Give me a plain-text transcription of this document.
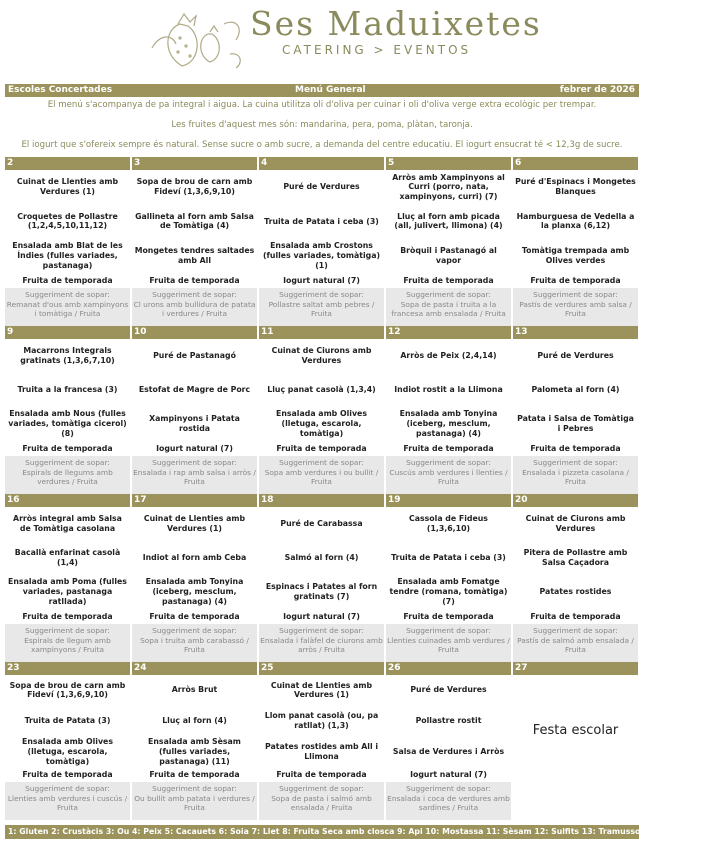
Ses Maduixetes
CATERING > EVENTOS
Escoles Concertades	Menú General	febrer de 2026
El menú s'acompanya de pa integral i aigua. La cuina utilitza oli d'oliva per cuinar i oli d'oliva verge extra ecològic per trempar.
Les fruites d'aquest mes són: mandarina, pera, poma, plàtan, taronja.
El iogurt que s'ofereix sempre és natural. Sense sucre o amb sucre, a demanda del centre educatiu. El iogurt ensucrat té < 12,3g de sucre.
2
Cuinat de Llenties amb Verdures (1)
Croquetes de Pollastre (1,2,4,5,10,11,12)
Ensalada amb Blat de les Índies (fulles variades, pastanaga)
Fruita de temporada
Suggeriment de sopar:
Remanat d'ous amb xampinyons i tomàtiga / Fruita
3
Sopa de brou de carn amb Fideví (1,3,6,9,10)
Gallineta al forn amb Salsa de Tomàtiga (4)
Mongetes tendres saltades amb All
Fruita de temporada
Suggeriment de sopar:
Cl urons amb bullidura de patata i verdures / Fruita
4
Puré de Verdures
Truita de Patata i ceba (3)
Ensalada amb Crostons (fulles variades, tomàtiga) (1)
Iogurt natural (7)
Suggeriment de sopar:
Pollastre saltat amb pebres / Fruita
5
Arròs amb Xampinyons al Curri (porro, nata, xampinyons, curri) (7)
Lluç al forn amb picada (all, julivert, llimona) (4)
Bròquil i Pastanagó al vapor
Fruita de temporada
Suggeriment de sopar:
Sopa de pasta i truita a la francesa amb ensalada / Fruita
6
Puré d'Espinacs i Mongetes Blanques
Hamburguesa de Vedella a la planxa (6,12)
Tomàtiga trempada amb Olives verdes
Fruita de temporada
Suggeriment de sopar:
Pastís de verdures amb salsa / Fruita
9
Macarrons Integrals gratinats (1,3,6,7,10)
Truita a la francesa (3)
Ensalada amb Nous (fulles variades, tomàtiga cicerol) (8)
Fruita de temporada
Suggeriment de sopar:
Espirals de llegums amb verdures / Fruita
10
Puré de Pastanagó
Estofat de Magre de Porc
Xampinyons i Patata rostida
Iogurt natural (7)
Suggeriment de sopar:
Ensalada i rap amb salsa i arròs / Fruita
11
Cuinat de Ciurons amb Verdures
Lluç panat casolà (1,3,4)
Ensalada amb Olives (lletuga, escarola, tomàtiga)
Fruita de temporada
Suggeriment de sopar:
Sopa amb verdures i ou bullit / Fruita
12
Arròs de Peix (2,4,14)
Indiot rostit a la Llimona
Ensalada amb Tonyina (iceberg, mesclum, pastanaga) (4)
Fruita de temporada
Suggeriment de sopar:
Cuscús amb verdures i llenties / Fruita
13
Puré de Verdures
Palometa al forn (4)
Patata i Salsa de Tomàtiga i Pebres
Fruita de temporada
Suggeriment de sopar:
Ensalada i pizzeta casolana / Fruita
16
Arròs integral amb Salsa de Tomàtiga casolana
Bacallà enfarinat casolà (1,4)
Ensalada amb Poma (fulles variades, pastanaga ratllada)
Fruita de temporada
Suggeriment de sopar:
Espirals de llegum amb xampinyons / Fruita
17
Cuinat de Llenties amb Verdures (1)
Indiot al forn amb Ceba
Ensalada amb Tonyina (iceberg, mesclum, pastanaga) (4)
Fruita de temporada
Suggeriment de sopar:
Sopa i truita amb carabassó / Fruita
18
Puré de Carabassa
Salmó al forn (4)
Espinacs i Patates al forn gratinats (7)
Iogurt natural (7)
Suggeriment de sopar:
Ensalada i falàfel de ciurons amb arròs / Fruita
19
Cassola de Fideus (1,3,6,10)
Truita de Patata i ceba (3)
Ensalada amb Fomatge tendre (romana, tomàtiga) (7)
Fruita de temporada
Suggeriment de sopar:
Llenties cuinades amb verdures / Fruita
20
Cuinat de Ciurons amb Verdures
Pitera de Pollastre amb Salsa Caçadora
Patates rostides
Fruita de temporada
Suggeriment de sopar:
Pastís de salmó amb ensalada / Fruita
23
Sopa de brou de carn amb Fideví (1,3,6,9,10)
Truita de Patata (3)
Ensalada amb Olives (lletuga, escarola, tomàtiga)
Fruita de temporada
Suggeriment de sopar:
Llenties amb verdures i cuscús / Fruita
24
Arròs Brut
Lluç al forn (4)
Ensalada amb Sèsam (fulles variades, pastanaga) (11)
Fruita de temporada
Suggeriment de sopar:
Ou bullit amb patata i verdures / Fruita
25
Cuinat de Llenties amb Verdures (1)
Llom panat casolà (ou, pa ratllat) (1,3)
Patates rostides amb All i Llimona
Fruita de temporada
Suggeriment de sopar:
Sopa de pasta i salmó amb ensalada / Fruita
26
Puré de Verdures
Pollastre rostit
Salsa de Verdures i Arròs
Iogurt natural (7)
Suggeriment de sopar:
Ensalada i coca de verdures amb sardines / Fruita
27
Festa escolar
1: Gluten 2: Crustàcis 3: Ou 4: Peix 5: Cacauets 6: Soia 7: Llet 8: Fruita Seca amb closca 9: Api 10: Mostassa 11: Sèsam 12: Sulfits 13: Tramussos 14: Mol·luscos
